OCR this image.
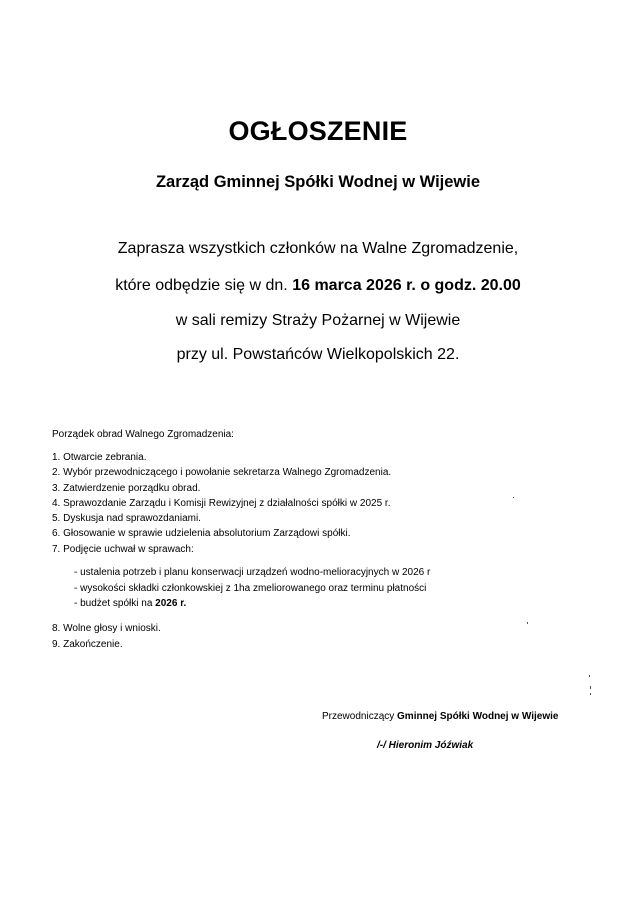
OGŁOSZENIE
Zarząd Gminnej Spółki Wodnej w Wijewie
Zaprasza wszystkich członków na Walne Zgromadzenie,
które odbędzie się w dn. 16 marca 2026 r. o godz. 20.00
w sali remizy Straży Pożarnej w Wijewie
przy ul. Powstańców Wielkopolskich 22.
Porządek obrad Walnego Zgromadzenia:
1. Otwarcie zebrania.
2. Wybór przewodniczącego i powołanie sekretarza Walnego Zgromadzenia.
3. Zatwierdzenie porządku obrad.
4. Sprawozdanie Zarządu i Komisji Rewizyjnej z działalności spółki w 2025 r.
5. Dyskusja nad sprawozdaniami.
6. Głosowanie w sprawie udzielenia absolutorium Zarządowi spółki.
7. Podjęcie uchwał w sprawach:
- ustalenia potrzeb i planu konserwacji urządzeń wodno-melioracyjnych w 2026 r
- wysokości składki członkowskiej z 1ha zmeliorowanego oraz terminu płatności
- budżet spółki na 2026 r.
8. Wolne głosy i wnioski.
9. Zakończenie.
Przewodniczący Gminnej Spółki Wodnej w Wijewie
/-/ Hieronim Jóźwiak
